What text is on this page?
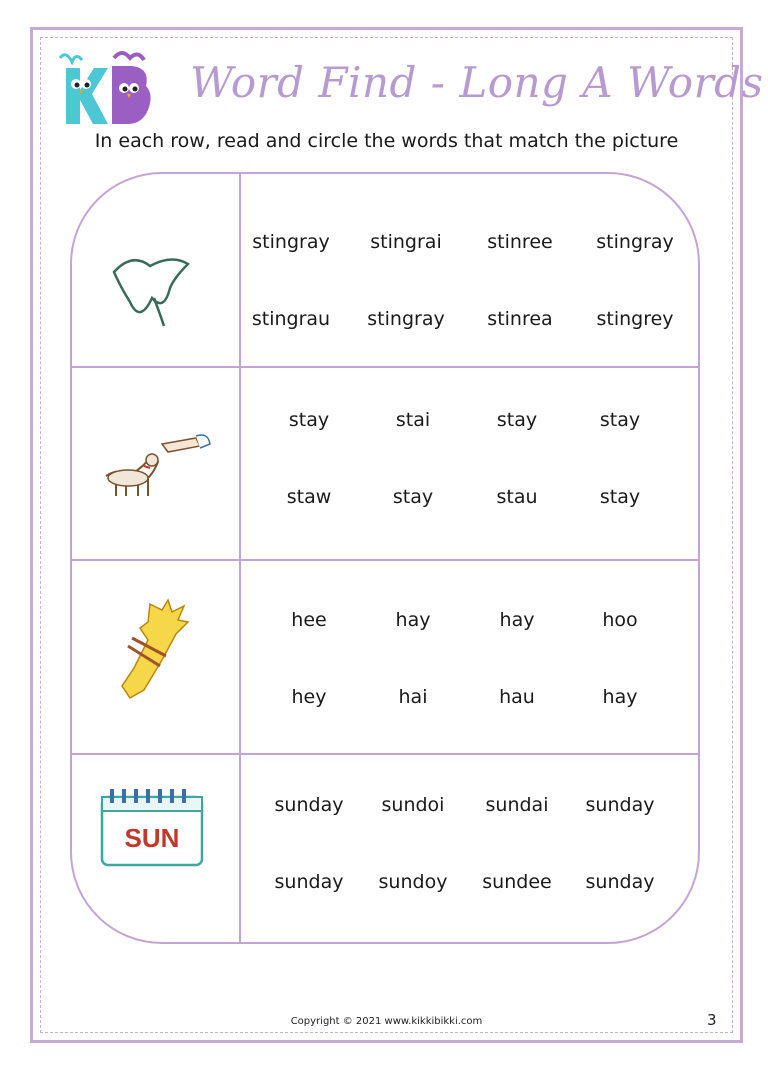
Word Find - Long A Words
In each row, read and circle the words that match the picture
SUN
stingray	stingrai	stinree	stingray
stingrau	stingray	stinrea	stingrey
stay	stai	stay	stay
staw	stay	stau	stay
hee	hay	hay	hoo
hey	hai	hau	hay
sunday	sundoi	sundai	sunday
sunday	sundoy	sundee	sunday
Copyright © 2021 www.kikkibikki.com	3
